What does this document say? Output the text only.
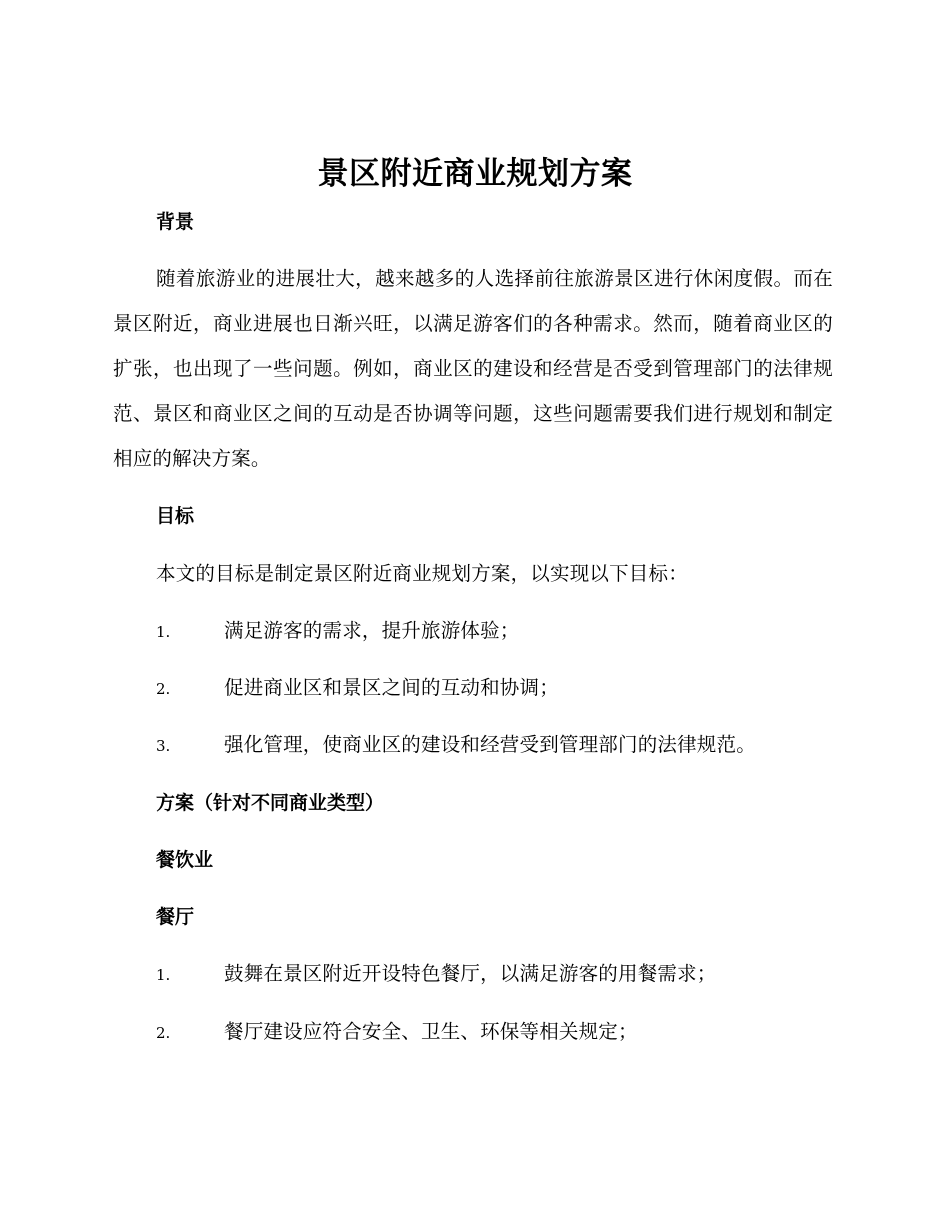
景区附近商业规划方案
背景
随着旅游业的进展壮大，越来越多的人选择前往旅游景区进行休闲度假。而在景区附近，商业进展也日渐兴旺，以满足游客们的各种需求。然而，随着商业区的扩张，也出现了一些问题。例如，商业区的建设和经营是否受到管理部门的法律规范、景区和商业区之间的互动是否协调等问题，这些问题需要我们进行规划和制定相应的解决方案。
目标
本文的目标是制定景区附近商业规划方案，以实现以下目标：
1.	满足游客的需求，提升旅游体验；
2.	促进商业区和景区之间的互动和协调；
3.	强化管理，使商业区的建设和经营受到管理部门的法律规范。
方案（针对不同商业类型）
餐饮业
餐厅
1.	鼓舞在景区附近开设特色餐厅，以满足游客的用餐需求；
2.	餐厅建设应符合安全、卫生、环保等相关规定；
